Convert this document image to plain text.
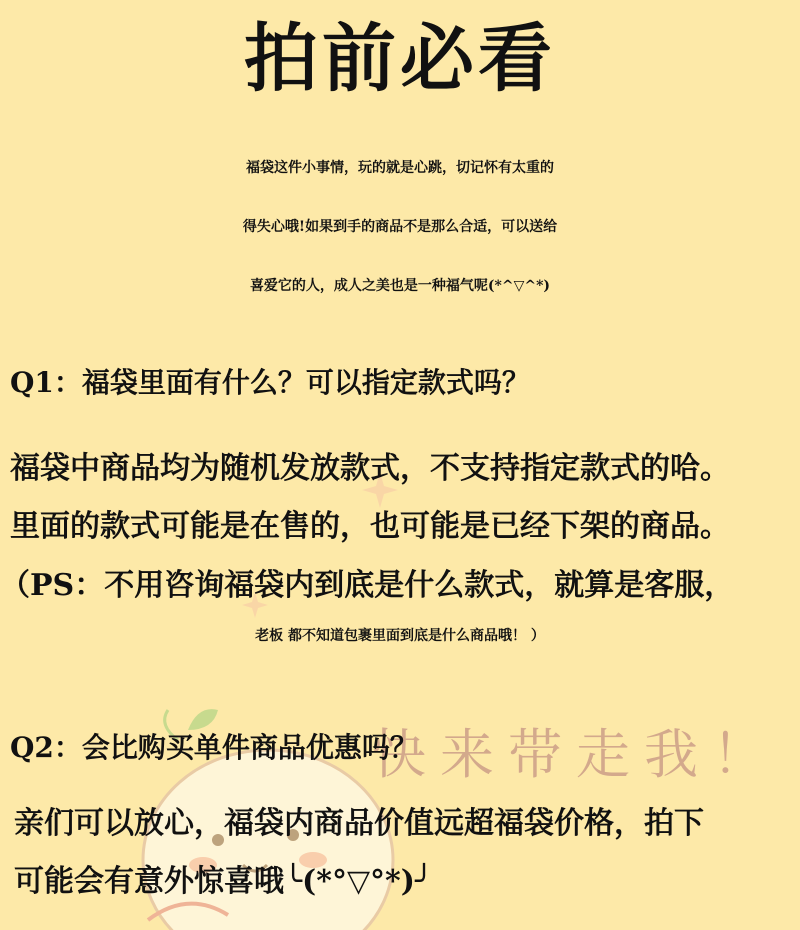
快来带走我！
拍前必看
福袋这件小事情，玩的就是心跳，切记怀有太重的
得失心哦!如果到手的商品不是那么合适，可以送给
喜爱它的人，成人之美也是一种福气呢(*^▽^*)
Q1：福袋里面有什么？可以指定款式吗？
福袋中商品均为随机发放款式，不支持指定款式的哈。
里面的款式可能是在售的，也可能是已经下架的商品。
（PS：不用咨询福袋内到底是什么款式，就算是客服，
老板 都不知道包裹里面到底是什么商品哦！ ）
Q2：会比购买单件商品优惠吗？
亲们可以放心，福袋内商品价值远超福袋价格，拍下
可能会有意外惊喜哦╰(*°▽°*)╯
